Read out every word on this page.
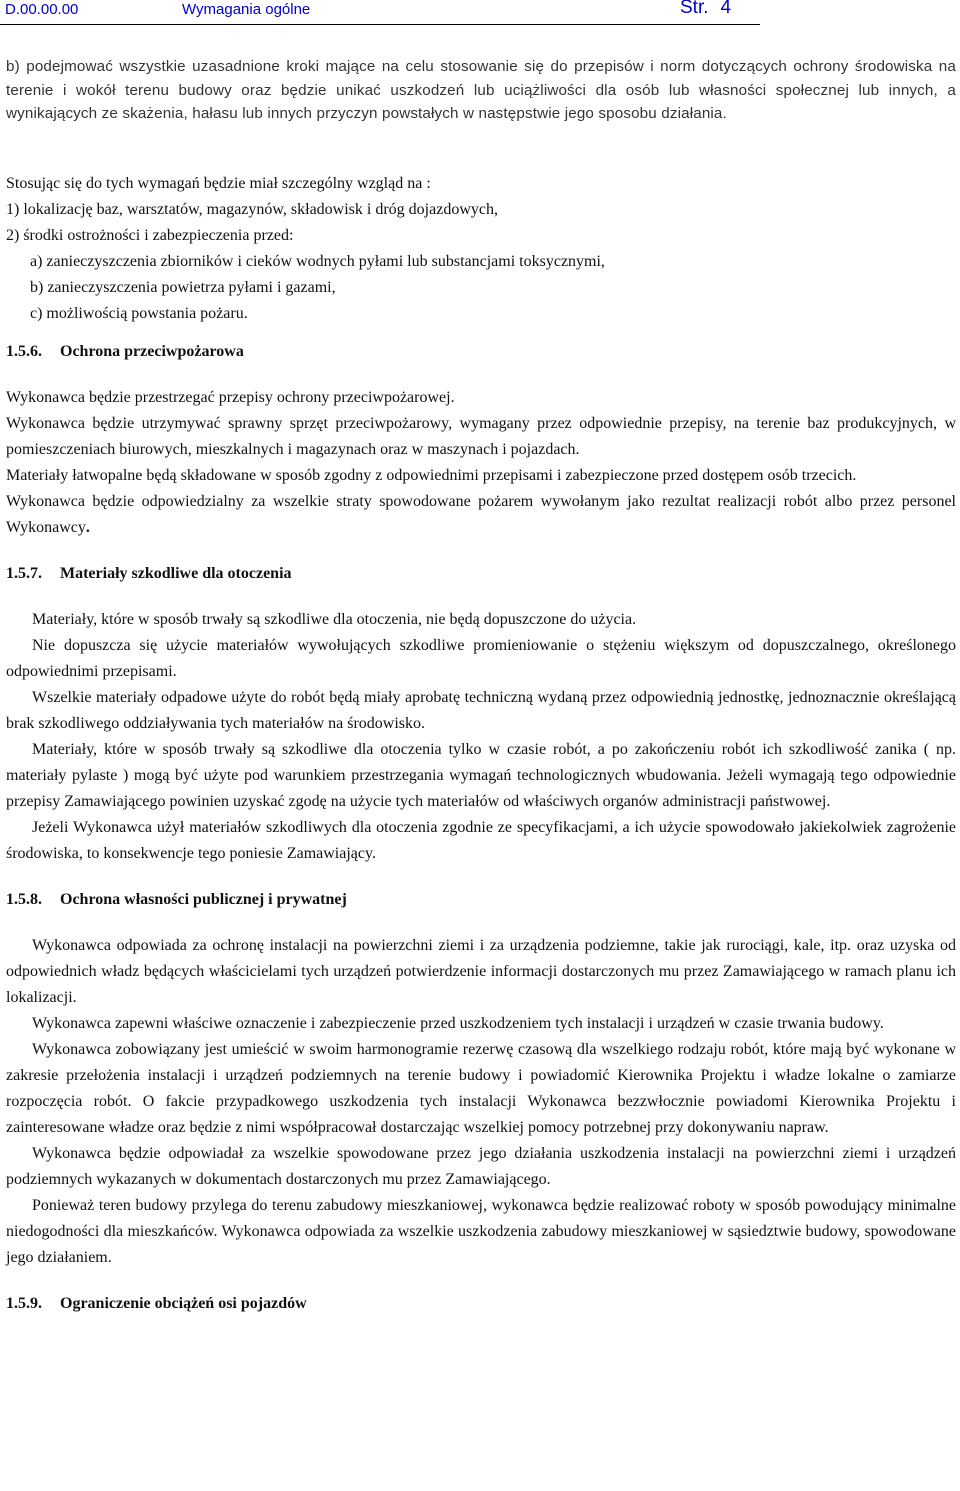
D.00.00.00	Wymagania ogólne	Str. 4

b) podejmować wszystkie uzasadnione kroki mające na celu stosowanie się do przepisów i norm dotyczących ochrony środowiska na terenie i wokół terenu budowy oraz będzie unikać uszkodzeń lub uciążliwości dla osób lub własności społecznej lub innych, a wynikających ze skażenia, hałasu lub innych przyczyn powstałych w następstwie jego sposobu działania.

Stosując się do tych wymagań będzie miał szczególny wzgląd na :

1) lokalizację baz, warsztatów, magazynów, składowisk i dróg dojazdowych,

2) środki ostrożności i zabezpieczenia przed:

a) zanieczyszczenia zbiorników i cieków wodnych pyłami lub substancjami toksycznymi,

b) zanieczyszczenia powietrza pyłami i gazami,

c) możliwością powstania pożaru.

1.5.6. Ochrona przeciwpożarowa

Wykonawca będzie przestrzegać przepisy ochrony przeciwpożarowej.

Wykonawca będzie utrzymywać sprawny sprzęt przeciwpożarowy, wymagany przez odpowiednie przepisy, na terenie baz produkcyjnych, w pomieszczeniach biurowych, mieszkalnych i magazynach oraz w maszynach i pojazdach.

Materiały łatwopalne będą składowane w sposób zgodny z odpowiednimi przepisami i zabezpieczone przed dostępem osób trzecich.

Wykonawca będzie odpowiedzialny za wszelkie straty spowodowane pożarem wywołanym jako rezultat realizacji robót albo przez personel Wykonawcy.

1.5.7. Materiały szkodliwe dla otoczenia

Materiały, które w sposób trwały są szkodliwe dla otoczenia, nie będą dopuszczone do użycia.

Nie dopuszcza się użycie materiałów wywołujących szkodliwe promieniowanie o stężeniu większym od dopuszczalnego, określonego odpowiednimi przepisami.

Wszelkie materiały odpadowe użyte do robót będą miały aprobatę techniczną wydaną przez odpowiednią jednostkę, jednoznacznie określającą brak szkodliwego oddziaływania tych materiałów na środowisko.

Materiały, które w sposób trwały są szkodliwe dla otoczenia tylko w czasie robót, a po zakończeniu robót ich szkodliwość zanika ( np. materiały pylaste ) mogą być użyte pod warunkiem przestrzegania wymagań technologicznych wbudowania. Jeżeli wymagają tego odpowiednie przepisy Zamawiającego powinien uzyskać zgodę na użycie tych materiałów od właściwych organów administracji państwowej.

Jeżeli Wykonawca użył materiałów szkodliwych dla otoczenia zgodnie ze specyfikacjami, a ich użycie spowodowało jakiekolwiek zagrożenie środowiska, to konsekwencje tego poniesie Zamawiający.

1.5.8. Ochrona własności publicznej i prywatnej

Wykonawca odpowiada za ochronę instalacji na powierzchni ziemi i za urządzenia podziemne, takie jak rurociągi, kale, itp. oraz uzyska od odpowiednich władz będących właścicielami tych urządzeń potwierdzenie informacji dostarczonych mu przez Zamawiającego w ramach planu ich lokalizacji.

Wykonawca zapewni właściwe oznaczenie i zabezpieczenie przed uszkodzeniem tych instalacji i urządzeń w czasie trwania budowy.

Wykonawca zobowiązany jest umieścić w swoim harmonogramie rezerwę czasową dla wszelkiego rodzaju robót, które mają być wykonane w zakresie przełożenia instalacji i urządzeń podziemnych na terenie budowy i powiadomić Kierownika Projektu i władze lokalne o zamiarze rozpoczęcia robót. O fakcie przypadkowego uszkodzenia tych instalacji Wykonawca bezzwłocznie powiadomi Kierownika Projektu i zainteresowane władze oraz będzie z nimi współpracował dostarczając wszelkiej pomocy potrzebnej przy dokonywaniu napraw.

Wykonawca będzie odpowiadał za wszelkie spowodowane przez jego działania uszkodzenia instalacji na powierzchni ziemi i urządzeń podziemnych wykazanych w dokumentach dostarczonych mu przez Zamawiającego.

Ponieważ teren budowy przylega do terenu zabudowy mieszkaniowej, wykonawca będzie realizować roboty w sposób powodujący minimalne niedogodności dla mieszkańców. Wykonawca odpowiada za wszelkie uszkodzenia zabudowy mieszkaniowej w sąsiedztwie budowy, spowodowane jego działaniem.

1.5.9. Ograniczenie obciążeń osi pojazdów
